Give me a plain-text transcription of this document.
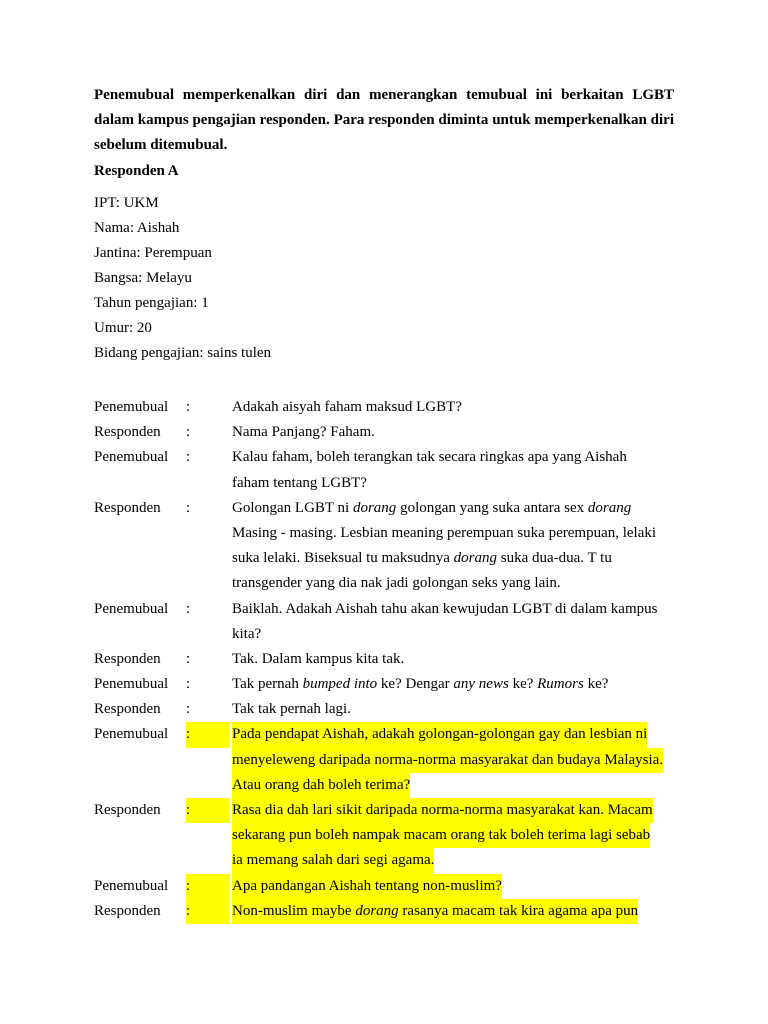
Penemubual memperkenalkan diri dan menerangkan temubual ini berkaitan LGBT dalam kampus pengajian responden. Para responden diminta untuk memperkenalkan diri sebelum ditemubual.
Responden A
IPT: UKM
Nama: Aishah
Jantina: Perempuan
Bangsa: Melayu
Tahun pengajian: 1
Umur: 20
Bidang pengajian: sains tulen
Penemubual :	Adakah aisyah faham maksud LGBT?
Responden :	Nama Panjang? Faham.
Penemubual :	Kalau faham, boleh terangkan tak secara ringkas apa yang Aishah
faham tentang LGBT?
Responden :	Golongan LGBT ni dorang golongan yang suka antara sex dorang
Masing - masing. Lesbian meaning perempuan suka perempuan, lelaki
suka lelaki. Biseksual tu maksudnya dorang suka dua-dua. T tu
transgender yang dia nak jadi golongan seks yang lain.
Penemubual :	Baiklah. Adakah Aishah tahu akan kewujudan LGBT di dalam kampus
kita?
Responden :	Tak. Dalam kampus kita tak.
Penemubual :	Tak pernah bumped into ke? Dengar any news ke? Rumors ke?
Responden :	Tak tak pernah lagi.
Penemubual :	Pada pendapat Aishah, adakah golongan-golongan gay dan lesbian ni
menyeleweng daripada norma-norma masyarakat dan budaya Malaysia.
Atau orang dah boleh terima?
Responden :	Rasa dia dah lari sikit daripada norma-norma masyarakat kan. Macam
sekarang pun boleh nampak macam orang tak boleh terima lagi sebab
ia memang salah dari segi agama.
Penemubual :	Apa pandangan Aishah tentang non-muslim?
Responden :	Non-muslim maybe dorang rasanya macam tak kira agama apa pun
